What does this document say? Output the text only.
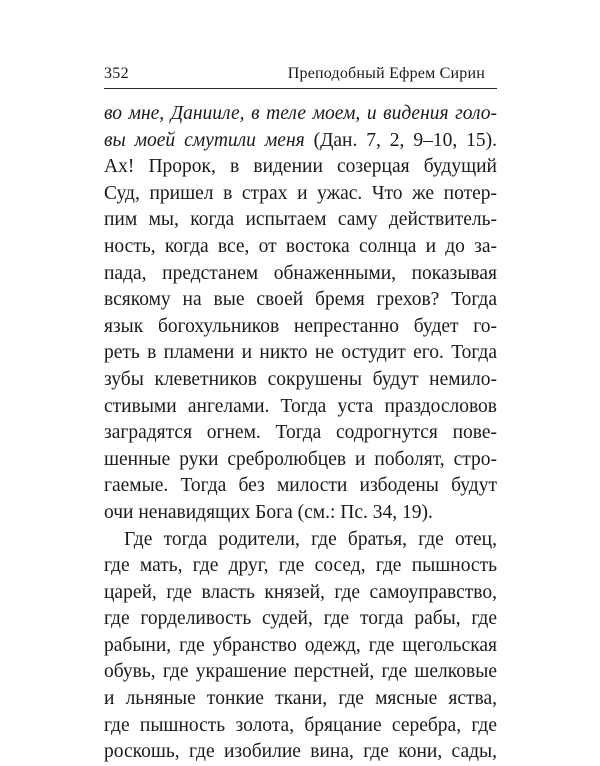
352	Преподобный Ефрем Сирин
во мне, Данииле, в теле моем, и видения голо-
вы моей смутили меня (Дан. 7, 2, 9–10, 15).
Ах! Пророк, в видении созерцая будущий
Суд, пришел в страх и ужас. Что же потер-
пим мы, когда испытаем саму действитель-
ность, когда все, от востока солнца и до за-
пада, предстанем обнаженными, показывая
всякому на вые своей бремя грехов? Тогда
язык богохульников непрестанно будет го-
реть в пламени и никто не остудит его. Тогда
зубы клеветников сокрушены будут немило-
стивыми ангелами. Тогда уста праздословов
заградятся огнем. Тогда содрогнутся пове-
шенные руки сребролюбцев и поболят, стро-
гаемые. Тогда без милости избодены будут
очи ненавидящих Бога (см.: Пс. 34, 19).
Где тогда родители, где братья, где отец,
где мать, где друг, где сосед, где пышность
царей, где власть князей, где самоуправство,
где горделивость судей, где тогда рабы, где
рабыни, где убранство одежд, где щегольская
обувь, где украшение перстней, где шелковые
и льняные тонкие ткани, где мясные яства,
где пышность золота, бряцание серебра, где
роскошь, где изобилие вина, где кони, сады,
